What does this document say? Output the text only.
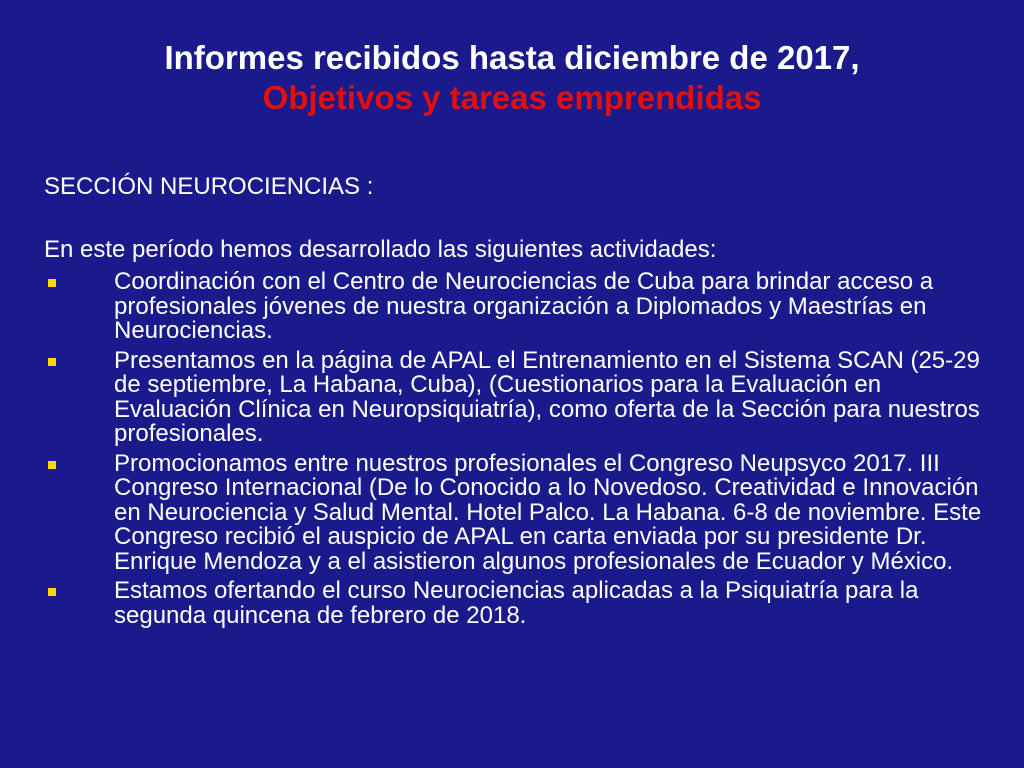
Informes recibidos hasta diciembre de 2017,
Objetivos y tareas emprendidas
SECCIÓN NEUROCIENCIAS :
En este período hemos desarrollado las siguientes actividades:
Coordinación con el Centro de Neurociencias de Cuba para brindar acceso a profesionales jóvenes de nuestra organización a Diplomados y Maestrías en Neurociencias.
Presentamos en la página de APAL el Entrenamiento en el Sistema SCAN (25-29 de septiembre, La Habana, Cuba), (Cuestionarios para la Evaluación en Evaluación Clínica en Neuropsiquiatría), como oferta de la Sección para nuestros profesionales.
Promocionamos entre nuestros profesionales el Congreso Neupsyco 2017. III Congreso Internacional (De lo Conocido a lo Novedoso. Creatividad e Innovación en Neurociencia y Salud Mental. Hotel Palco. La Habana. 6-8 de noviembre. Este Congreso recibió el auspicio de APAL en carta enviada por su presidente Dr. Enrique Mendoza y a el asistieron algunos profesionales de Ecuador y México.
Estamos ofertando el curso Neurociencias aplicadas a la Psiquiatría para la segunda quincena de febrero de 2018.
